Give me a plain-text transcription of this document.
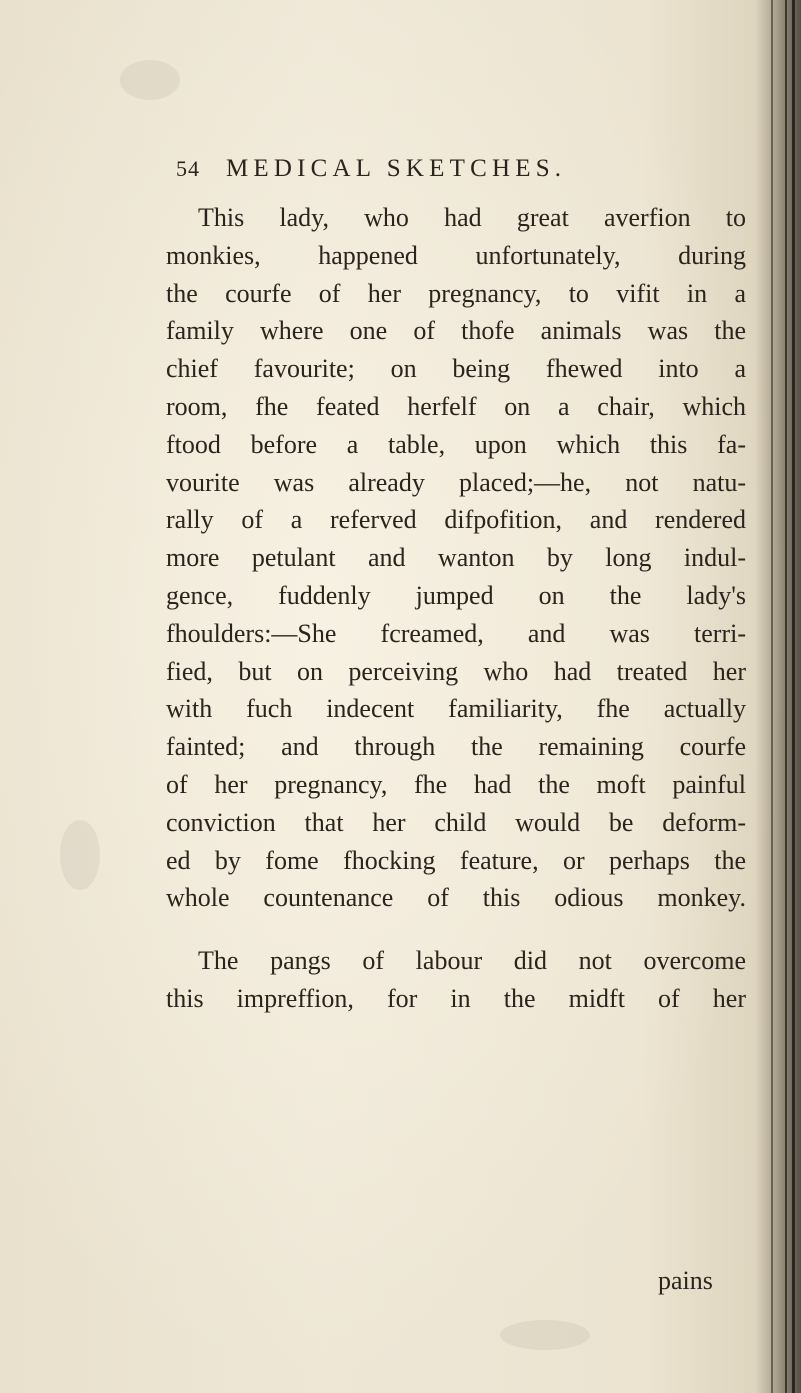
54 MEDICAL SKETCHES.
This lady, who had great averfion to
monkies, happened unfortunately, during
the courfe of her pregnancy, to vifit in a
family where one of thofe animals was the
chief favourite; on being fhewed into a
room, fhe feated herfelf on a chair, which
ftood before a table, upon which this fa-
vourite was already placed;—he, not natu-
rally of a referved difpofition, and rendered
more petulant and wanton by long indul-
gence, fuddenly jumped on the lady's
fhoulders:—She fcreamed, and was terri-
fied, but on perceiving who had treated her
with fuch indecent familiarity, fhe actually
fainted; and through the remaining courfe
of her pregnancy, fhe had the moft painful
conviction that her child would be deform-
ed by fome fhocking feature, or perhaps the
whole countenance of this odious monkey.
The pangs of labour did not overcome
this impreffion, for in the midft of her
pains
